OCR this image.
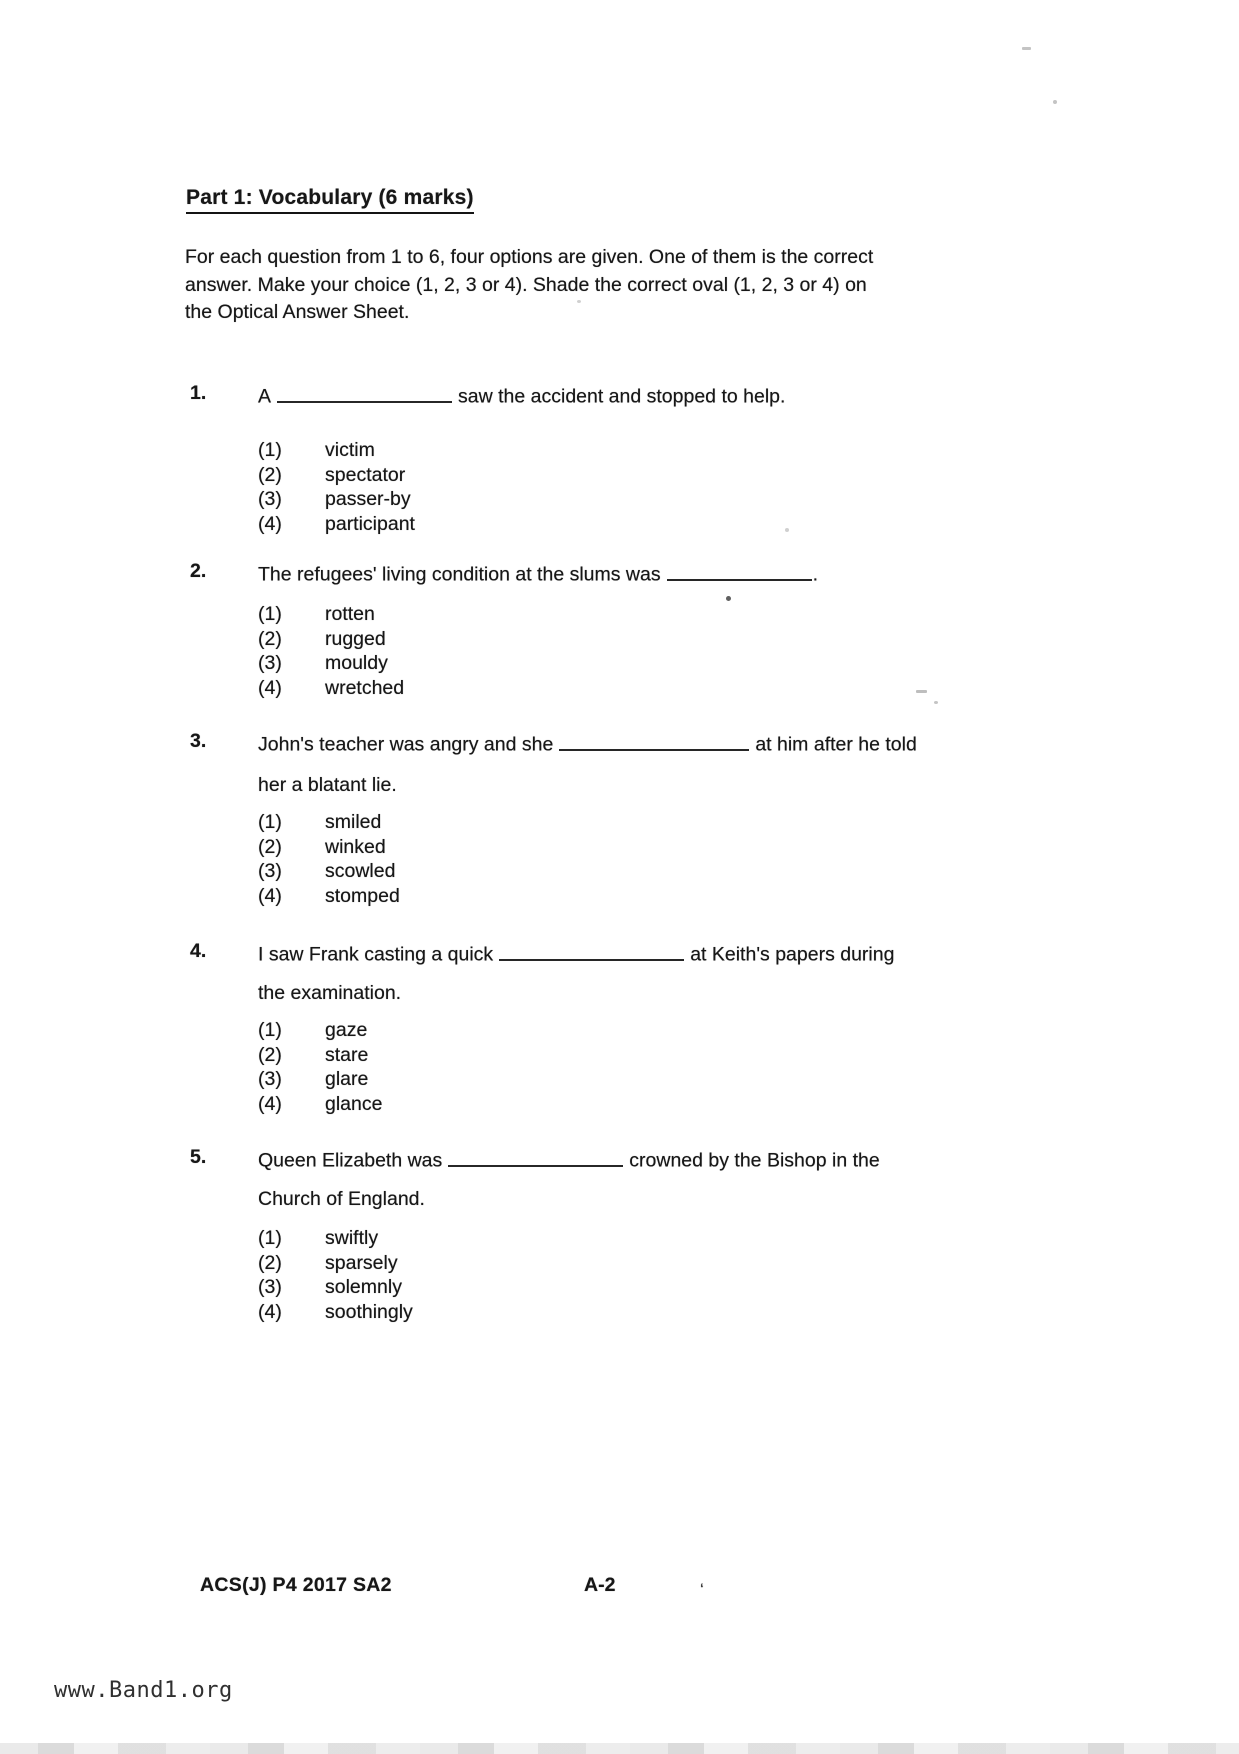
Part 1: Vocabulary (6 marks)
For each question from 1 to 6, four options are given. One of them is the correct
answer. Make your choice (1, 2, 3 or 4). Shade the correct oval (1, 2, 3 or 4) on
the Optical Answer Sheet.
1.	A	saw the accident and stopped to help.
(1) victim
(2) spectator
(3) passer-by
(4) participant
2.	The refugees' living condition at the slums was	.
(1) rotten
(2) rugged
(3) mouldy
(4) wretched
3.	John's teacher was angry and she	at him after he told
her a blatant lie.
(1) smiled
(2) winked
(3) scowled
(4) stomped
4.	I saw Frank casting a quick	at Keith's papers during
the examination.
(1) gaze
(2) stare
(3) glare
(4) glance
5.	Queen Elizabeth was	crowned by the Bishop in the
Church of England.
(1) swiftly
(2) sparsely
(3) solemnly
(4) soothingly
ACS(J) P4 2017 SA2	A-2	‘
www.Band1.org
